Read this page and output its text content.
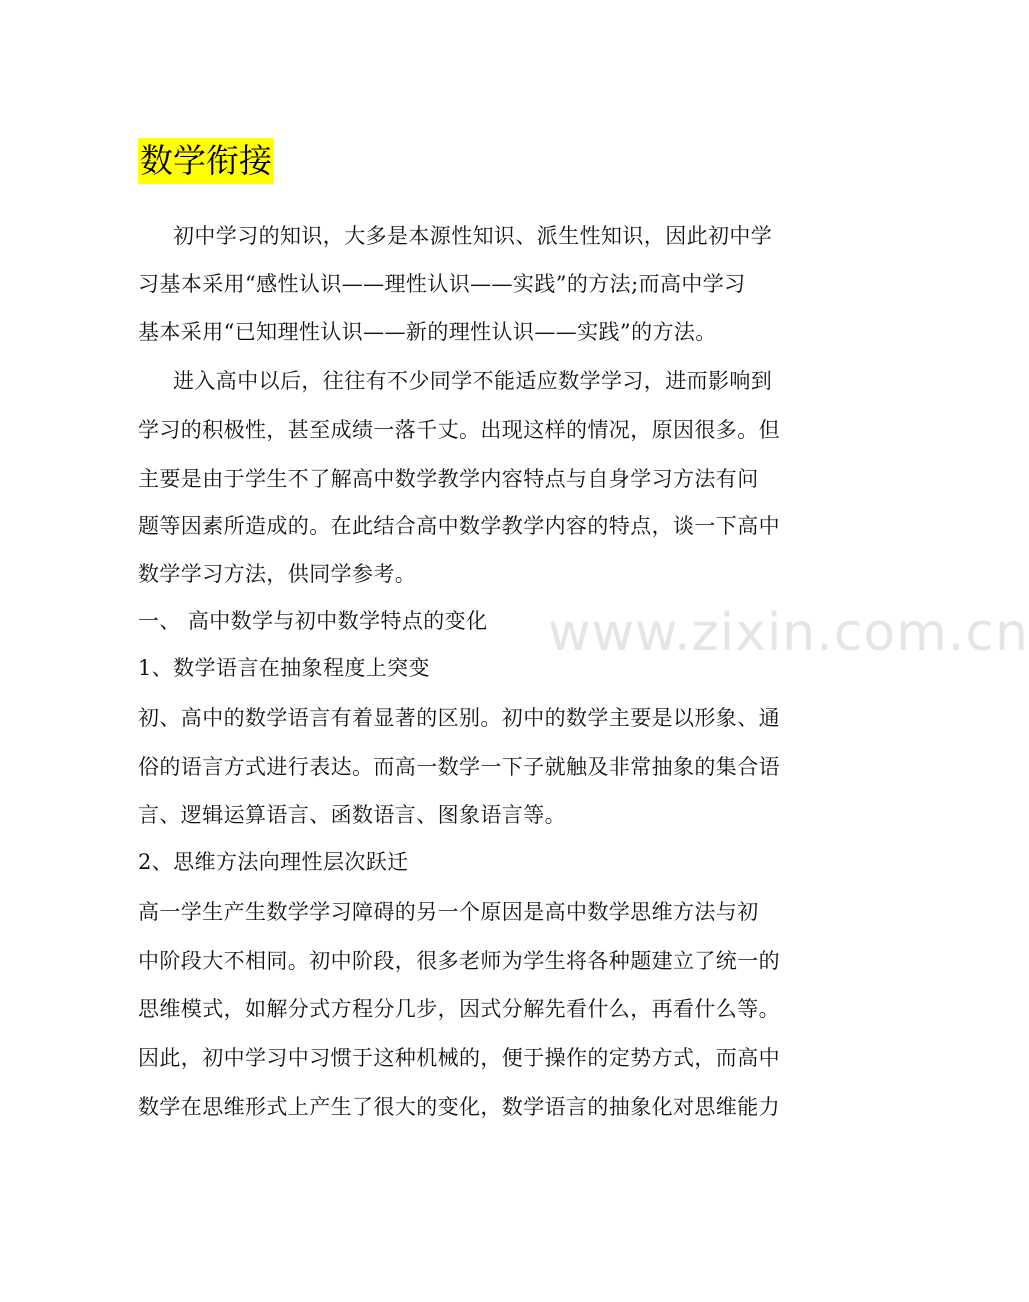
数学衔接
初中学习的知识，大多是本源性知识、派生性知识，因此初中学
习基本采用“感性认识——理性认识——实践”的方法;而高中学习
基本采用“已知理性认识——新的理性认识——实践”的方法。
进入高中以后，往往有不少同学不能适应数学学习，进而影响到
学习的积极性，甚至成绩一落千丈。出现这样的情况，原因很多。但
主要是由于学生不了解高中数学教学内容特点与自身学习方法有问
题等因素所造成的。在此结合高中数学教学内容的特点，谈一下高中
数学学习方法，供同学参考。
一、 高中数学与初中数学特点的变化
1、数学语言在抽象程度上突变
初、高中的数学语言有着显著的区别。初中的数学主要是以形象、通
俗的语言方式进行表达。而高一数学一下子就触及非常抽象的集合语
言、逻辑运算语言、函数语言、图象语言等。
2、思维方法向理性层次跃迁
高一学生产生数学学习障碍的另一个原因是高中数学思维方法与初
中阶段大不相同。初中阶段，很多老师为学生将各种题建立了统一的
思维模式，如解分式方程分几步，因式分解先看什么，再看什么等。
因此，初中学习中习惯于这种机械的，便于操作的定势方式，而高中
数学在思维形式上产生了很大的变化，数学语言的抽象化对思维能力
www.zixin.com.cn
